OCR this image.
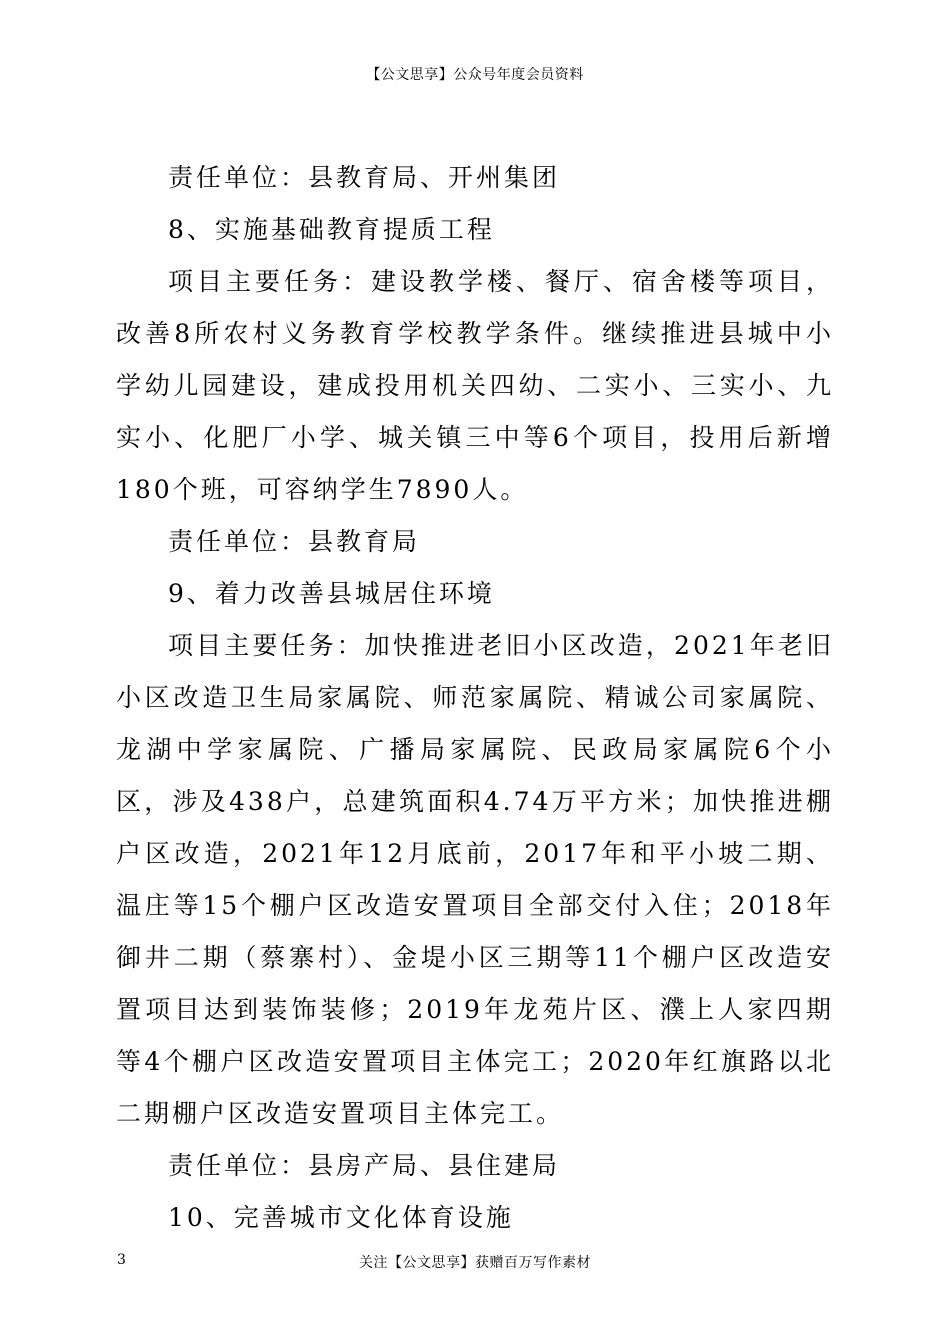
【公文思享】公众号年度会员资料

责任单位：县教育局、开州集团

8、实施基础教育提质工程

项目主要任务：建设教学楼、餐厅、宿舍楼等项目，改善8所农村义务教育学校教学条件。继续推进县城中小学幼儿园建设，建成投用机关四幼、二实小、三实小、九实小、化肥厂小学、城关镇三中等6个项目，投用后新增180个班，可容纳学生7890人。

责任单位：县教育局

9、着力改善县城居住环境

项目主要任务：加快推进老旧小区改造，2021年老旧小区改造卫生局家属院、师范家属院、精诚公司家属院、龙湖中学家属院、广播局家属院、民政局家属院6个小区，涉及438户，总建筑面积4.74万平方米；加快推进棚户区改造，2021年12月底前，2017年和平小坡二期、温庄等15个棚户区改造安置项目全部交付入住；2018年御井二期（蔡寨村）、金堤小区三期等11个棚户区改造安置项目达到装饰装修；2019年龙苑片区、濮上人家四期等4个棚户区改造安置项目主体完工；2020年红旗路以北二期棚户区改造安置项目主体完工。

责任单位：县房产局、县住建局

10、完善城市文化体育设施

3	关注【公文思享】获赠百万写作素材
